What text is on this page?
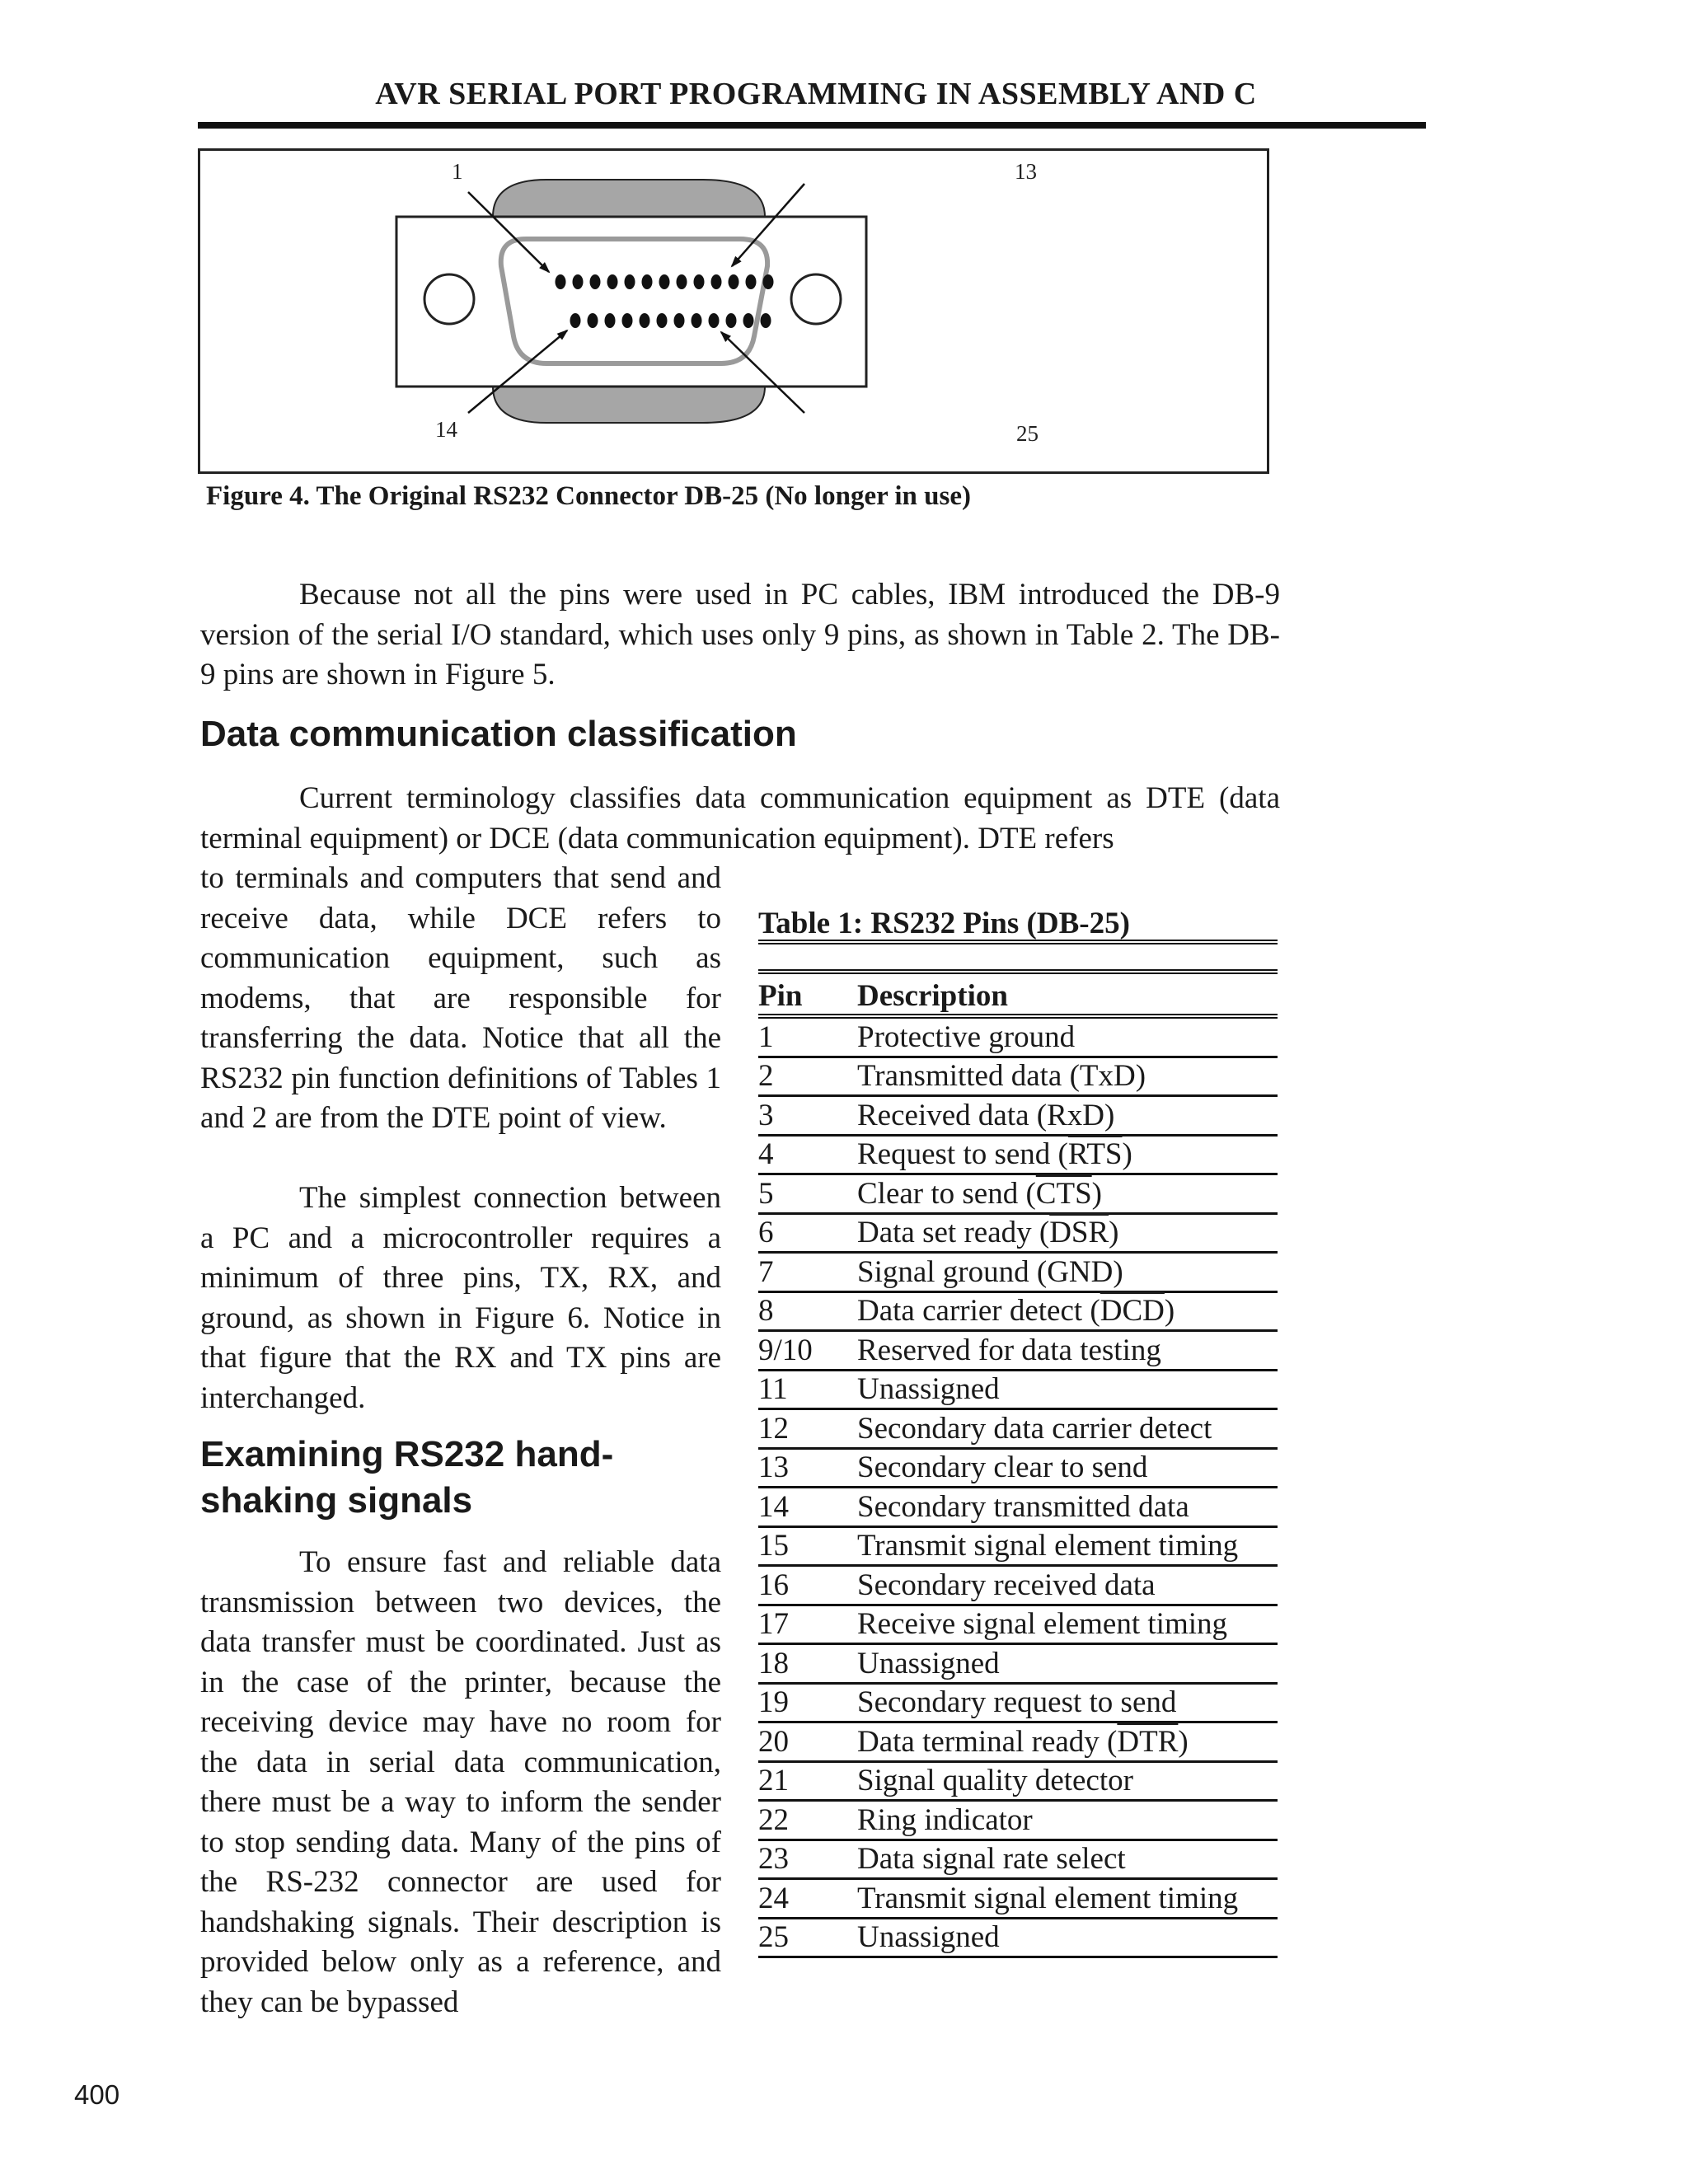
AVR SERIAL PORT PROGRAMMING IN ASSEMBLY AND C
1	13
14	25
Figure 4. The Original RS232 Connector DB-25 (No longer in use)

Because not all the pins were used in PC cables, IBM introduced the DB-9 version of the serial I/O standard, which uses only 9 pins, as shown in Table 2. The DB-9 pins are shown in Figure 5.

Data communication classification

Current terminology classifies data communication equipment as DTE (data terminal equipment) or DCE (data communication equipment). DTE refers

to terminals and computers that send and receive data, while DCE refers to communication equipment, such as modems, that are responsible for transferring the data. Notice that all the RS232 pin function definitions of Tables 1 and 2 are from the DTE point of view.

The simplest connection between a PC and a microcontroller requires a minimum of three pins, TX, RX, and ground, as shown in Figure 6. Notice in that figure that the RX and TX pins are interchanged.

Examining RS232 hand-
shaking signals

To ensure fast and reliable data transmission between two devices, the data transfer must be coordinated. Just as in the case of the printer, because the receiving device may have no room for the data in serial data communication, there must be a way to inform the sender to stop sending data. Many of the pins of the RS-232 connector are used for handshaking signals. Their description is provided below only as a reference, and they can be bypassed

Table 1: RS232 Pins (DB-25)

Pin	Description
1	Protective ground
2	Transmitted data (TxD)
3	Received data (RxD)
4	Request to send $(\overline{RTS})$
5	Clear to send $(\overline{CTS})$
6	Data set ready $(\overline{DSR})$
7	Signal ground (GND)
8	Data carrier detect $(\overline{DCD})$
9/10	Reserved for data testing
11	Unassigned
12	Secondary data carrier detect
13	Secondary clear to send
14	Secondary transmitted data
15	Transmit signal element timing
16	Secondary received data
17	Receive signal element timing
18	Unassigned
19	Secondary request to send
20	Data terminal ready $(\overline{DTR})$
21	Signal quality detector
22	Ring indicator
23	Data signal rate select
24	Transmit signal element timing
25	Unassigned
400
